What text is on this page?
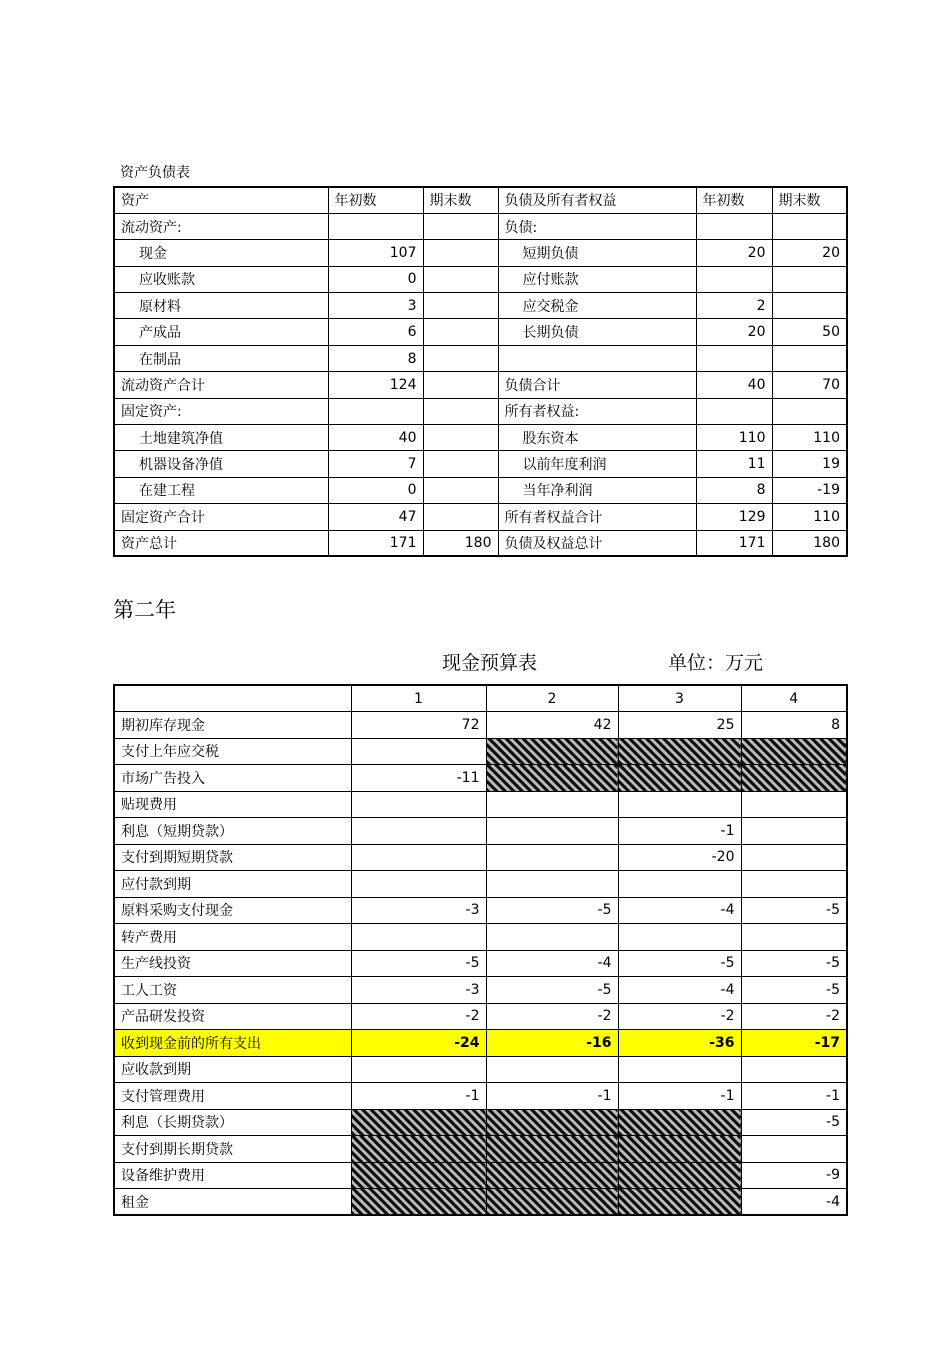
资产负债表
资产	年初数	期末数	负债及所有者权益	年初数	期末数
流动资产:			负债:		
现金	107		短期负债	20	20
应收账款	0		应付账款		
原材料	3		应交税金	2	
产成品	6		长期负债	20	50
在制品	8				
流动资产合计	124		负债合计	40	70
固定资产:			所有者权益:		
土地建筑净值	40		股东资本	110	110
机器设备净值	7		以前年度利润	11	19
在建工程	0		当年净利润	8	-19
固定资产合计	47		所有者权益合计	129	110
资产总计	171	180	负债及权益总计	171	180
第二年
现金预算表	单位：万元
	1	2	3	4
期初库存现金	72	42	25	8
支付上年应交税				
市场广告投入	-11			
贴现费用				
利息（短期贷款）			-1	
支付到期短期贷款			-20	
应付款到期				
原料采购支付现金	-3	-5	-4	-5
转产费用				
生产线投资	-5	-4	-5	-5
工人工资	-3	-5	-4	-5
产品研发投资	-2	-2	-2	-2
收到现金前的所有支出	-24	-16	-36	-17
应收款到期				
支付管理费用	-1	-1	-1	-1
利息（长期贷款）				-5
支付到期长期贷款				
设备维护费用				-9
租金				-4
